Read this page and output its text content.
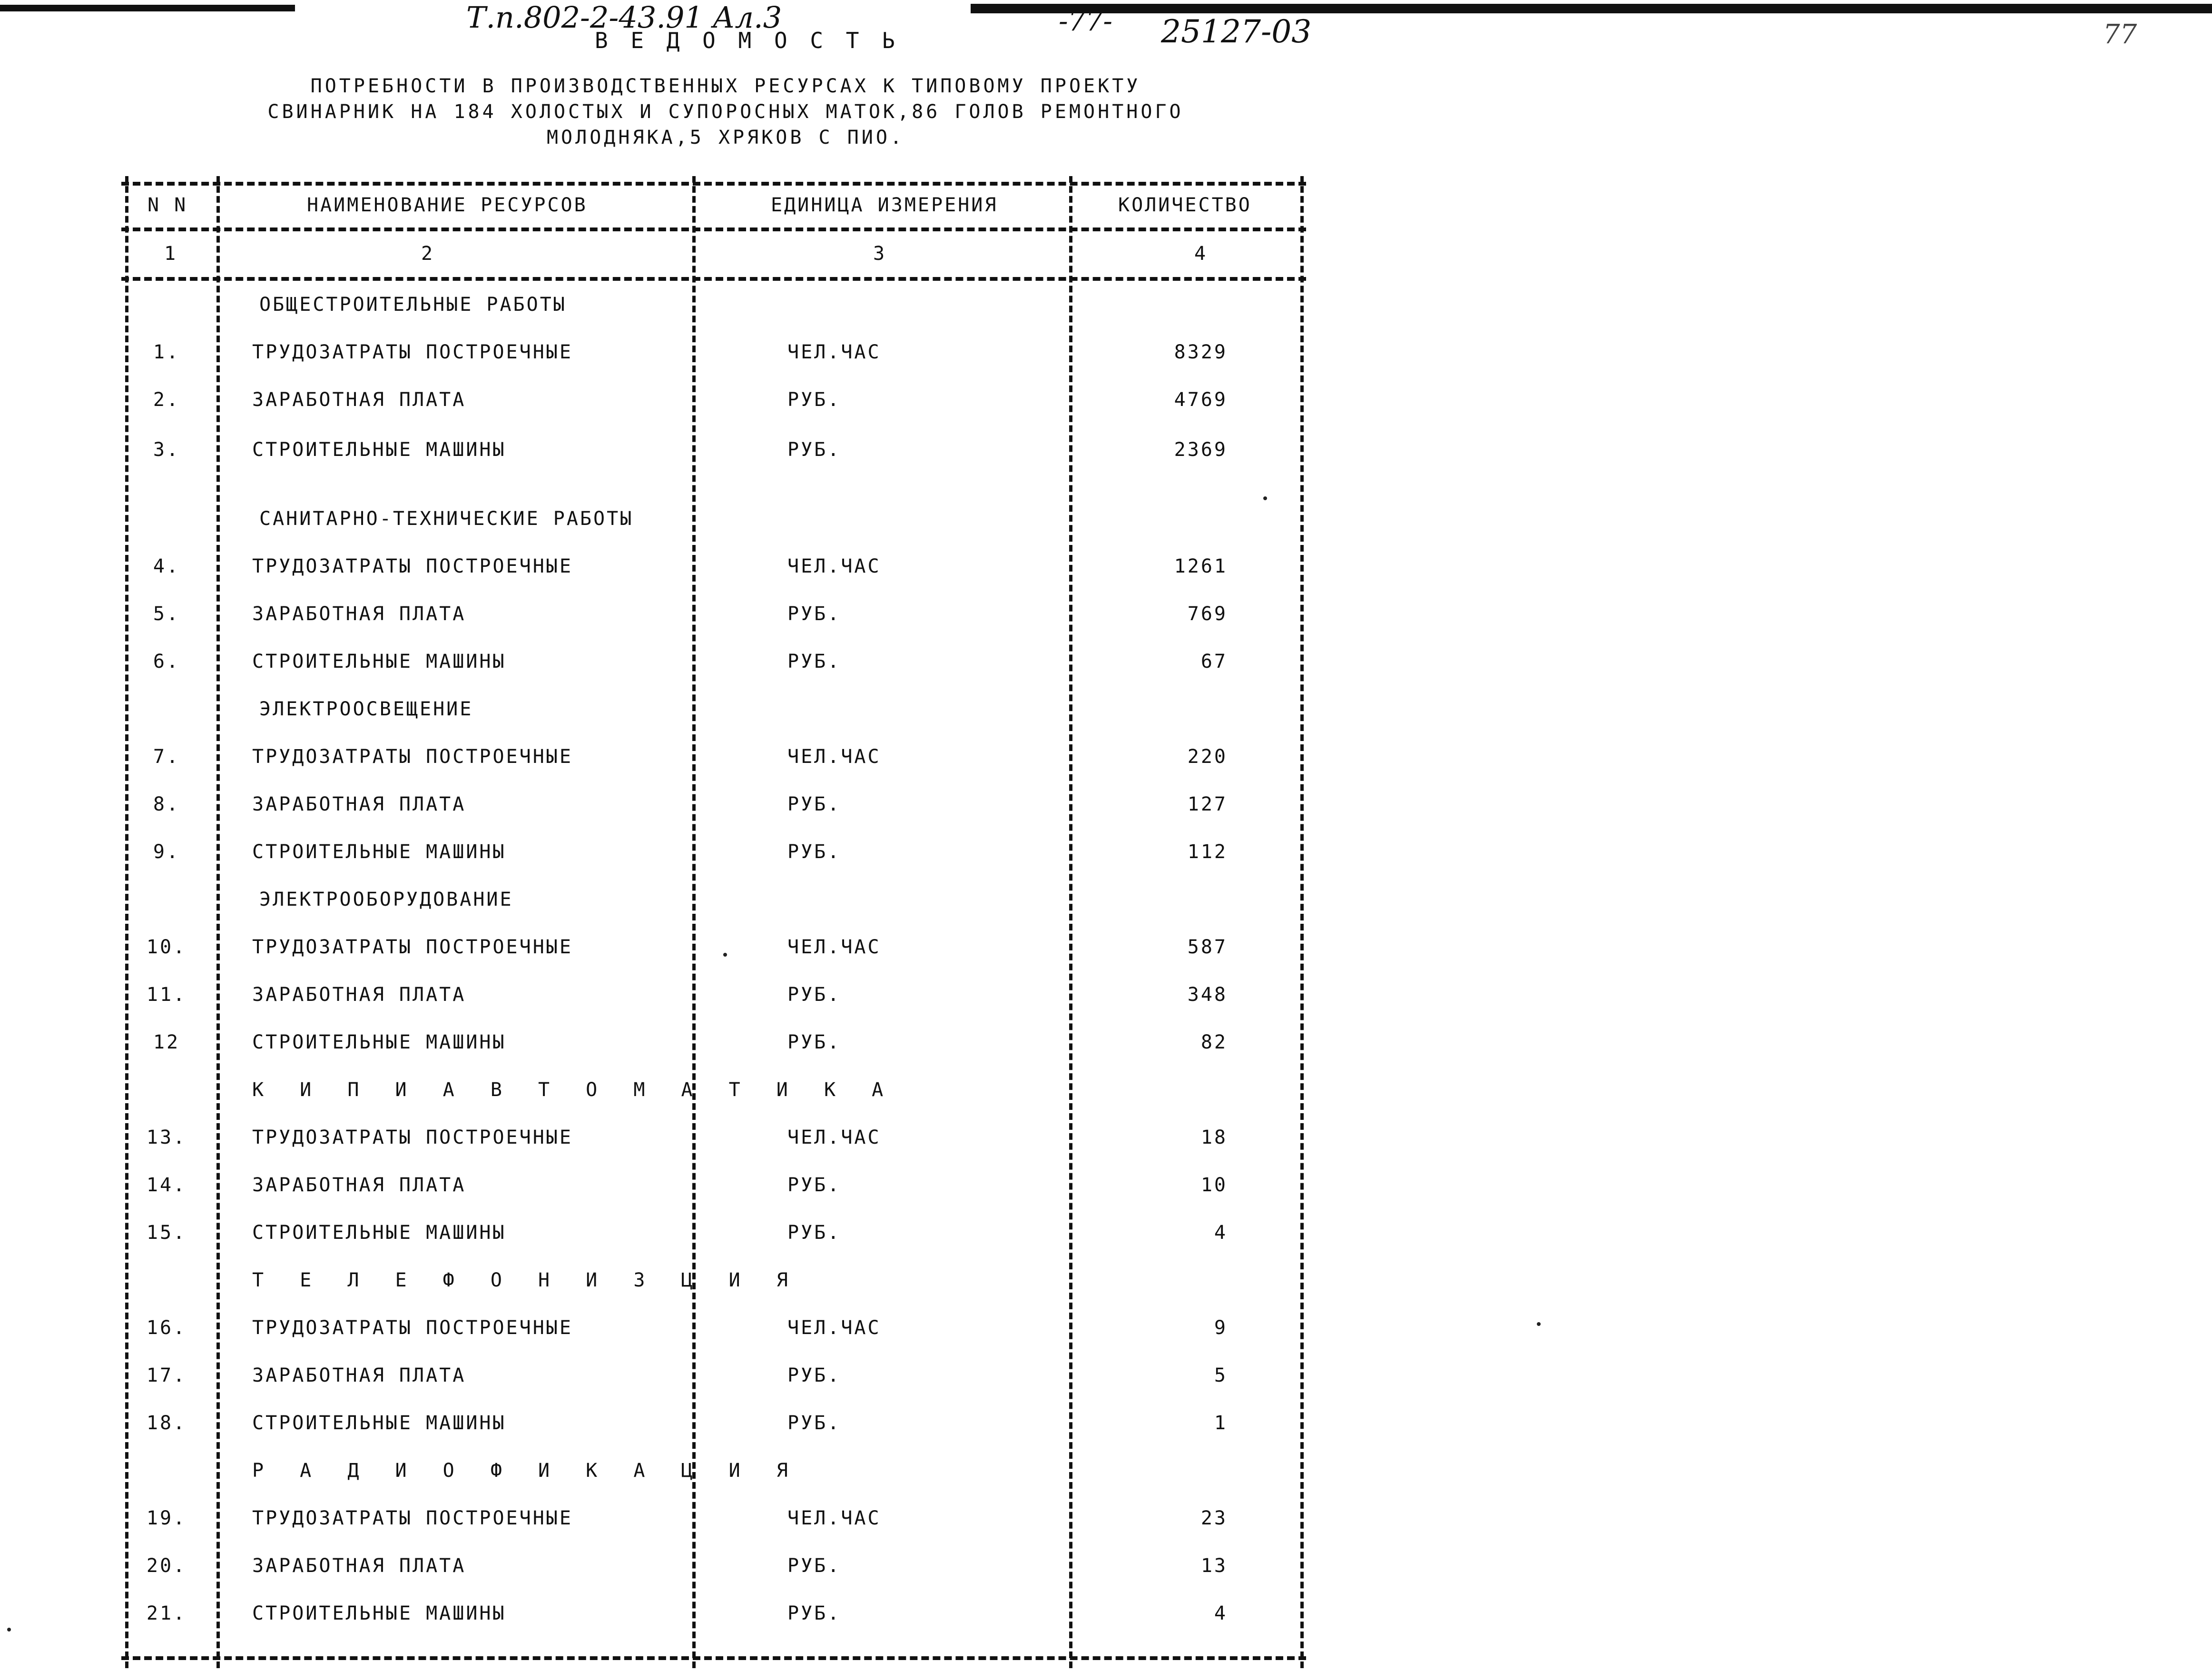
Т.п.802-2-43.91 Ал.3	-77- 25127-03	77
В Е Д О М О С Т Ь
ПОТРЕБНОСТИ В ПРОИЗВОДСТВЕННЫХ РЕСУРСАХ К ТИПОВОМУ ПРОЕКТУ
СВИНАРНИК НА 184 ХОЛОСТЫХ И СУПОРОСНЫХ МАТОК,86 ГОЛОВ РЕМОНТНОГО
МОЛОДНЯКА,5 ХРЯКОВ С ПИО.
N N	НАИМЕНОВАНИЕ РЕСУРСОВ	ЕДИНИЦА ИЗМЕРЕНИЯ	КОЛИЧЕСТВО
1	2	3	4
ОБЩЕСТРОИТЕЛЬНЫЕ РАБОТЫ
1.	ТРУДОЗАТРАТЫ ПОСТРОЕЧНЫЕ	ЧЕЛ.ЧАС	8329
2.	ЗАРАБОТНАЯ ПЛАТА	РУБ.	4769
3.	СТРОИТЕЛЬНЫЕ МАШИНЫ	РУБ.	2369
САНИТАРНО-ТЕХНИЧЕСКИЕ РАБОТЫ
4.	ТРУДОЗАТРАТЫ ПОСТРОЕЧНЫЕ	ЧЕЛ.ЧАС	1261
5.	ЗАРАБОТНАЯ ПЛАТА	РУБ.	769
6.	СТРОИТЕЛЬНЫЕ МАШИНЫ	РУБ.	67
ЭЛЕКТРООСВЕЩЕНИЕ
7.	ТРУДОЗАТРАТЫ ПОСТРОЕЧНЫЕ	ЧЕЛ.ЧАС	220
8.	ЗАРАБОТНАЯ ПЛАТА	РУБ.	127
9.	СТРОИТЕЛЬНЫЕ МАШИНЫ	РУБ.	112
ЭЛЕКТРООБОРУДОВАНИЕ
10.	ТРУДОЗАТРАТЫ ПОСТРОЕЧНЫЕ	ЧЕЛ.ЧАС	587
11.	ЗАРАБОТНАЯ ПЛАТА	РУБ.	348
12	СТРОИТЕЛЬНЫЕ МАШИНЫ	РУБ.	82
К И П И А В Т О М А Т И К А
13.	ТРУДОЗАТРАТЫ ПОСТРОЕЧНЫЕ	ЧЕЛ.ЧАС	18
14.	ЗАРАБОТНАЯ ПЛАТА	РУБ.	10
15.	СТРОИТЕЛЬНЫЕ МАШИНЫ	РУБ.	4
Т Е Л Е Ф О Н И З Ц И Я
16.	ТРУДОЗАТРАТЫ ПОСТРОЕЧНЫЕ	ЧЕЛ.ЧАС	9
17.	ЗАРАБОТНАЯ ПЛАТА	РУБ.	5
18.	СТРОИТЕЛЬНЫЕ МАШИНЫ	РУБ.	1
Р А Д И О Ф И К А Ц И Я
19.	ТРУДОЗАТРАТЫ ПОСТРОЕЧНЫЕ	ЧЕЛ.ЧАС	23
20.	ЗАРАБОТНАЯ ПЛАТА	РУБ.	13
21.	СТРОИТЕЛЬНЫЕ МАШИНЫ	РУБ.	4
